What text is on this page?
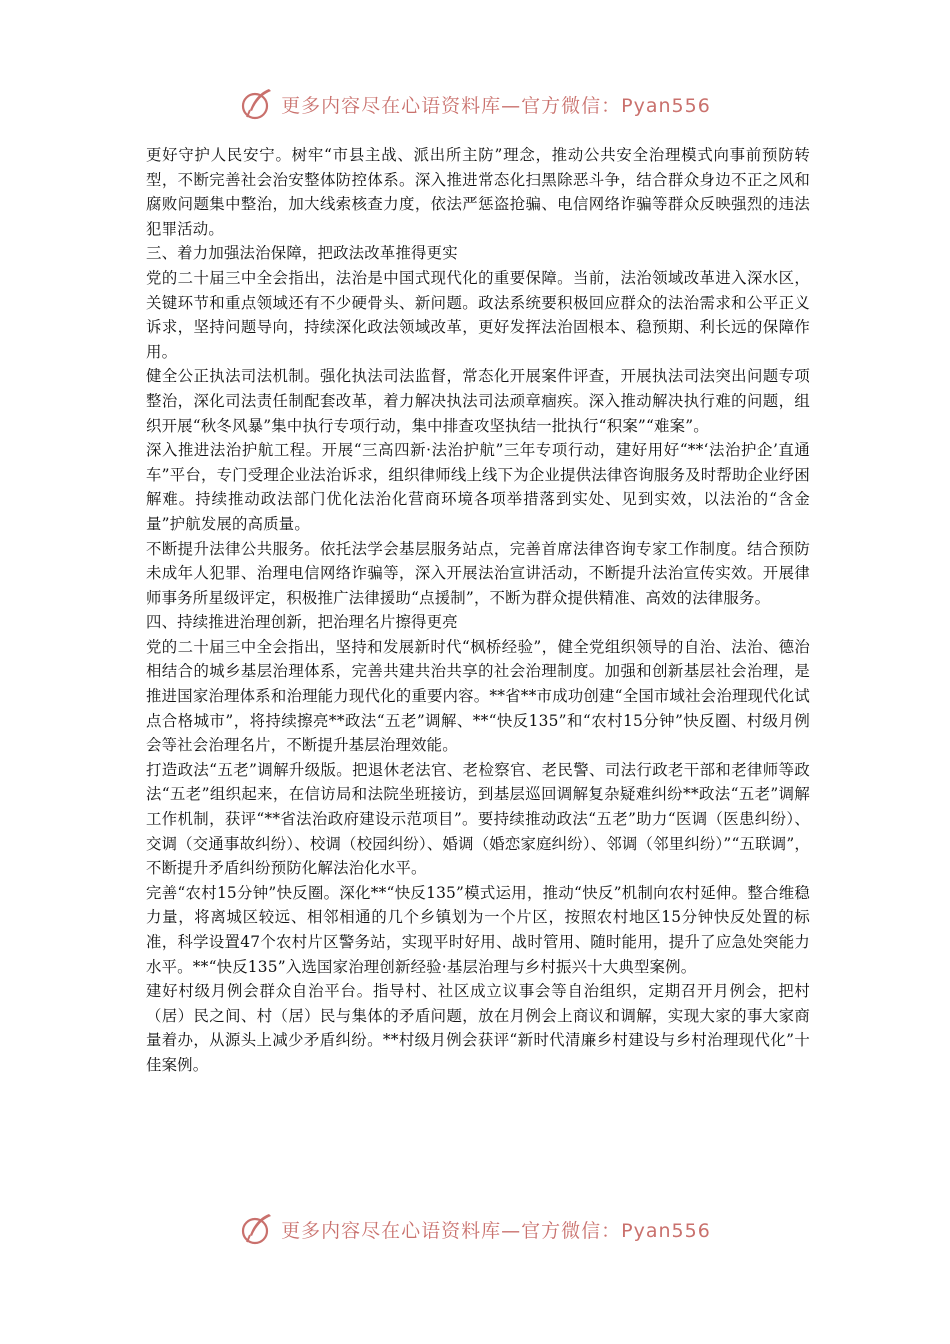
更多内容尽在心语资料库—官方微信：Pyan556

更好守护人民安宁。树牢“市县主战、派出所主防”理念，推动公共安全治理模式向事前预防转型，不断完善社会治安整体防控体系。深入推进常态化扫黑除恶斗争，结合群众身边不正之风和腐败问题集中整治，加大线索核查力度，依法严惩盗抢骗、电信网络诈骗等群众反映强烈的违法犯罪活动。

三、着力加强法治保障，把政法改革推得更实

党的二十届三中全会指出，法治是中国式现代化的重要保障。当前，法治领域改革进入深水区，关键环节和重点领域还有不少硬骨头、新问题。政法系统要积极回应群众的法治需求和公平正义诉求，坚持问题导向，持续深化政法领域改革，更好发挥法治固根本、稳预期、利长远的保障作用。

健全公正执法司法机制。强化执法司法监督，常态化开展案件评查，开展执法司法突出问题专项整治，深化司法责任制配套改革，着力解决执法司法顽章痼疾。深入推动解决执行难的问题，组织开展“秋冬风暴”集中执行专项行动，集中排查攻坚执结一批执行“积案”“难案”。

深入推进法治护航工程。开展“三高四新·法治护航”三年专项行动，建好用好“**‘法治护企’直通车”平台，专门受理企业法治诉求，组织律师线上线下为企业提供法律咨询服务及时帮助企业纾困解难。持续推动政法部门优化法治化营商环境各项举措落到实处、见到实效，以法治的“含金量”护航发展的高质量。

不断提升法律公共服务。依托法学会基层服务站点，完善首席法律咨询专家工作制度。结合预防未成年人犯罪、治理电信网络诈骗等，深入开展法治宣讲活动，不断提升法治宣传实效。开展律师事务所星级评定，积极推广法律援助“点援制”，不断为群众提供精准、高效的法律服务。

四、持续推进治理创新，把治理名片擦得更亮

党的二十届三中全会指出，坚持和发展新时代“枫桥经验”，健全党组织领导的自治、法治、德治相结合的城乡基层治理体系，完善共建共治共享的社会治理制度。加强和创新基层社会治理，是推进国家治理体系和治理能力现代化的重要内容。**省**市成功创建“全国市域社会治理现代化试点合格城市”，将持续擦亮**政法“五老”调解、**“快反135”和“农村15分钟”快反圈、村级月例会等社会治理名片，不断提升基层治理效能。

打造政法“五老”调解升级版。把退休老法官、老检察官、老民警、司法行政老干部和老律师等政法“五老”组织起来，在信访局和法院坐班接访，到基层巡回调解复杂疑难纠纷**政法“五老”调解工作机制，获评“**省法治政府建设示范项目”。要持续推动政法“五老”助力“医调（医患纠纷）、交调（交通事故纠纷）、校调（校园纠纷）、婚调（婚恋家庭纠纷）、邻调（邻里纠纷）”“五联调”，不断提升矛盾纠纷预防化解法治化水平。

完善“农村15分钟”快反圈。深化**“快反135”模式运用，推动“快反”机制向农村延伸。整合维稳力量，将离城区较远、相邻相通的几个乡镇划为一个片区，按照农村地区15分钟快反处置的标准，科学设置47个农村片区警务站，实现平时好用、战时管用、随时能用，提升了应急处突能力水平。**“快反135”入选国家治理创新经验·基层治理与乡村振兴十大典型案例。

建好村级月例会群众自治平台。指导村、社区成立议事会等自治组织，定期召开月例会，把村（居）民之间、村（居）民与集体的矛盾问题，放在月例会上商议和调解，实现大家的事大家商量着办，从源头上减少矛盾纠纷。**村级月例会获评“新时代清廉乡村建设与乡村治理现代化”十佳案例。

更多内容尽在心语资料库—官方微信：Pyan556
